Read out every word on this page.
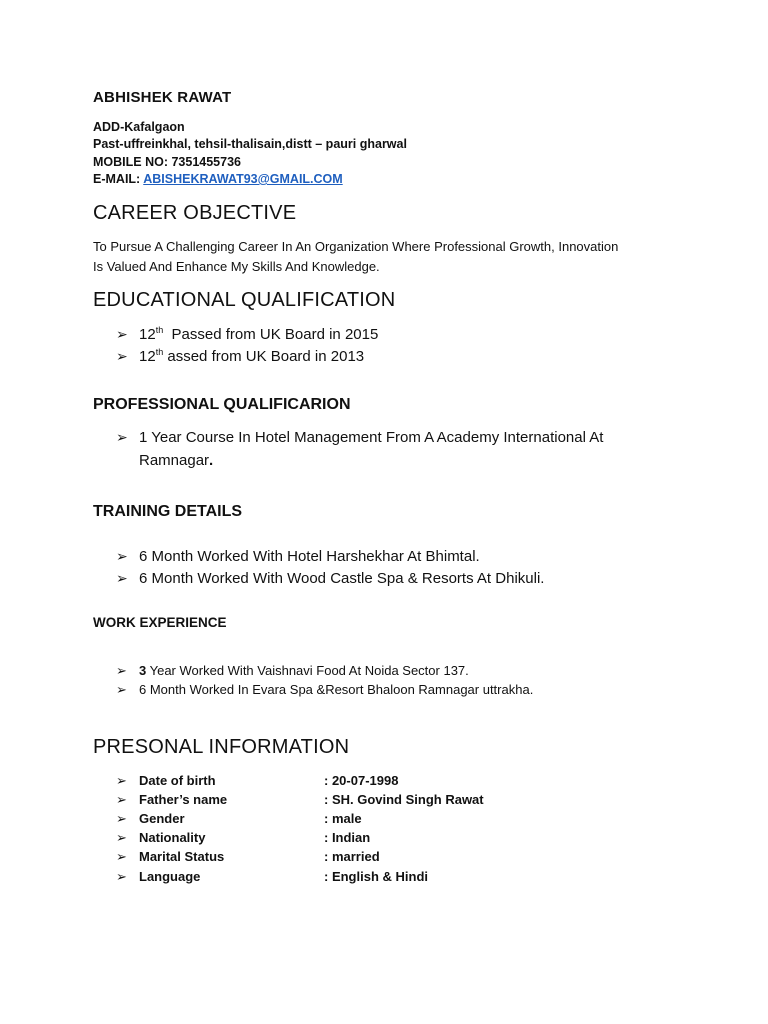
ABHISHEK RAWAT
ADD-Kafalgaon
Past-uffreinkhal, tehsil-thalisain,distt – pauri gharwal
MOBILE NO: 7351455736
E-MAIL: ABISHEKRAWAT93@GMAIL.COM
CAREER OBJECTIVE
To Pursue A Challenging Career In An Organization Where Professional Growth, Innovation
Is Valued And Enhance My Skills And Knowledge.
EDUCATIONAL QUALIFICATION
➢ 12th  Passed from UK Board in 2015
➢ 12th assed from UK Board in 2013
PROFESSIONAL QUALIFICARION
➢ 1 Year Course In Hotel Management From A Academy International At
Ramnagar.
TRAINING DETAILS
➢ 6 Month Worked With Hotel Harshekhar At Bhimtal.
➢ 6 Month Worked With Wood Castle Spa & Resorts At Dhikuli.
WORK EXPERIENCE
➢ 3 Year Worked With Vaishnavi Food At Noida Sector 137.
➢ 6 Month Worked In Evara Spa &Resort Bhaloon Ramnagar uttrakha.
PRESONAL INFORMATION
➢ Date of birth	: 20-07-1998
➢ Father’s name	: SH. Govind Singh Rawat
➢ Gender	: male
➢ Nationality	: Indian
➢ Marital Status	: married
➢ Language	: English & Hindi
